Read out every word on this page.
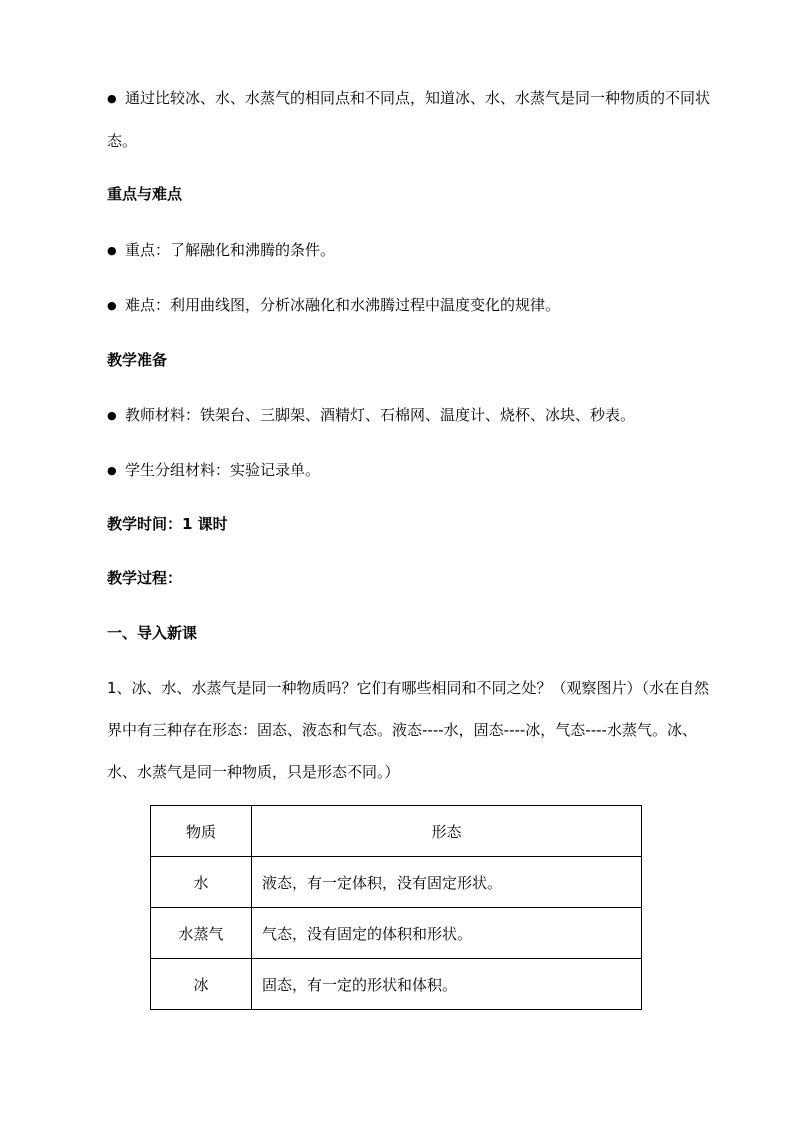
● 通过比较冰、水、水蒸气的相同点和不同点，知道冰、水、水蒸气是同一种物质的不同状态。

重点与难点

● 重点：了解融化和沸腾的条件。

● 难点：利用曲线图，分析冰融化和水沸腾过程中温度变化的规律。

教学准备

● 教师材料：铁架台、三脚架、酒精灯、石棉网、温度计、烧杯、冰块、秒表。

● 学生分组材料：实验记录单。

教学时间：1 课时

教学过程：

一、导入新课

1、冰、水、水蒸气是同一种物质吗？它们有哪些相同和不同之处？（观察图片）（水在自然界中有三种存在形态：固态、液态和气态。液态----水，固态----冰，气态----水蒸气。冰、水、水蒸气是同一种物质，只是形态不同。）

物质	形态
水	液态，有一定体积，没有固定形状。
水蒸气	气态，没有固定的体积和形状。
冰	固态，有一定的形状和体积。
